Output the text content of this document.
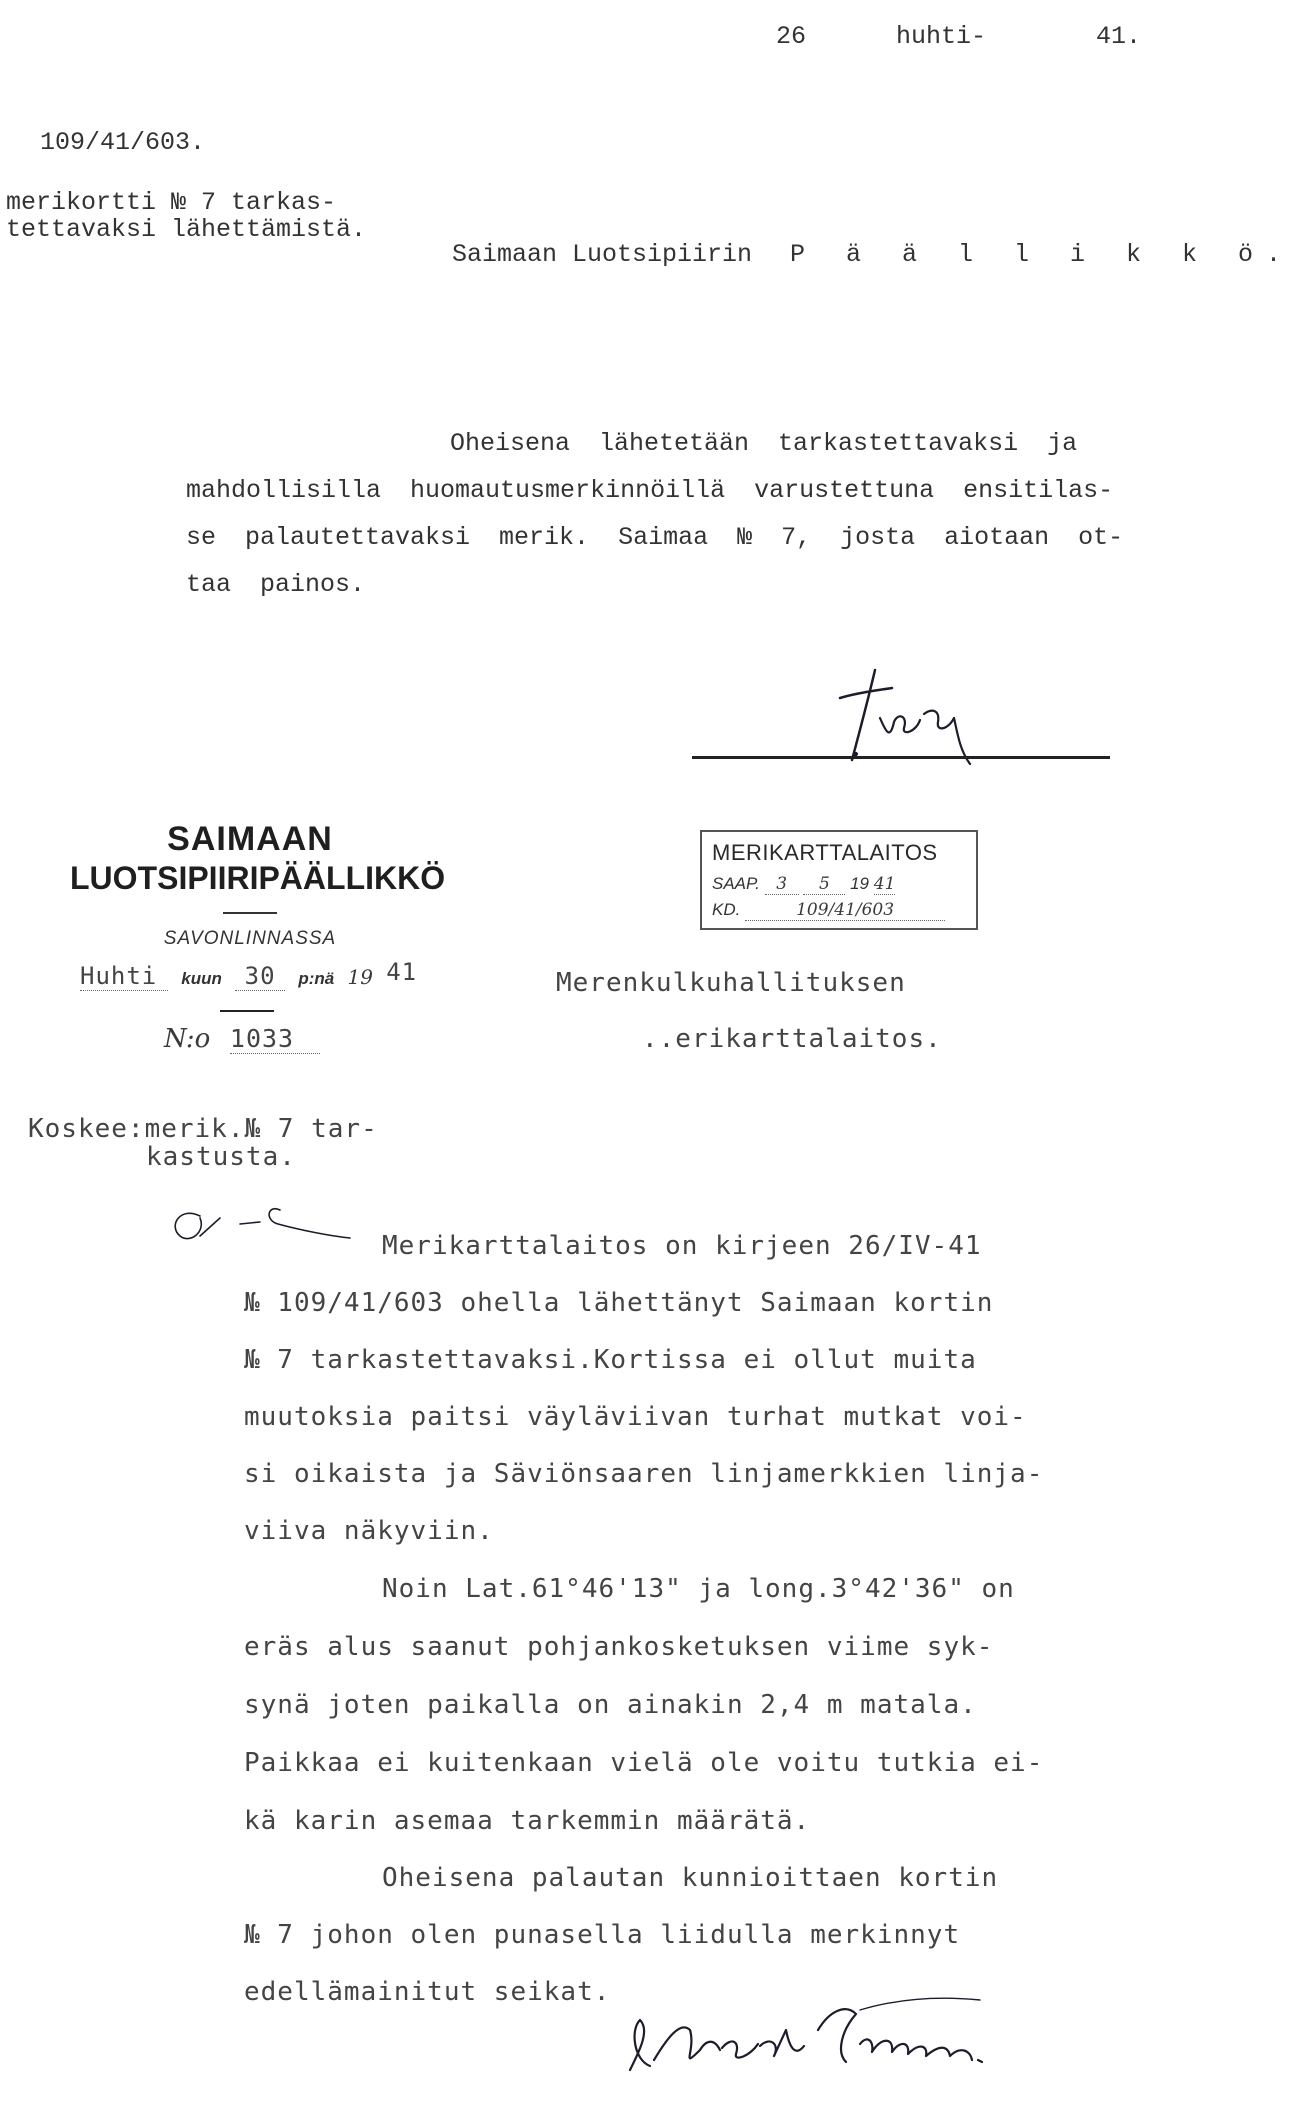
26	huhti-	41.
109/41/603.
merikortti № 7 tarkas-
tettavaksi lähettämistä.
Saimaan Luotsipiirin P ä ä l l i k k ö.

Oheisena lähetetään tarkastettavaksi ja

mahdollisilla huomautusmerkinnöillä varustettuna ensitilas-

se palautettavaksi merik. Saimaa № 7, josta aiotaan ot-

taa painos.

SAIMAAN
LUOTSIPIIRIPÄÄLLIKKÖ
SAVONLINNASSA
Huhti kuun 30 p:nä 19 41
N:o 1033
MERIKARTTALAITOS
SAAP. 3 5 19 41
KD.	109/41/603
Merenkulkuhallituksen
..erikarttalaitos.
Koskee:merik.№ 7 tar-
kastusta.

Merikarttalaitos on kirjeen 26/IV-41

№ 109/41/603 ohella lähettänyt Saimaan kortin

№ 7 tarkastettavaksi.Kortissa ei ollut muita

muutoksia paitsi väyläviivan turhat mutkat voi-

si oikaista ja Säviönsaaren linjamerkkien linja-

viiva näkyviin.

Noin Lat.61°46'13" ja long.3°42'36" on

eräs alus saanut pohjankosketuksen viime syk-

synä joten paikalla on ainakin 2,4 m matala.

Paikkaa ei kuitenkaan vielä ole voitu tutkia ei-

kä karin asemaa tarkemmin määrätä.

Oheisena palautan kunnioittaen kortin

№ 7 johon olen punasella liidulla merkinnyt

edellämainitut seikat.
